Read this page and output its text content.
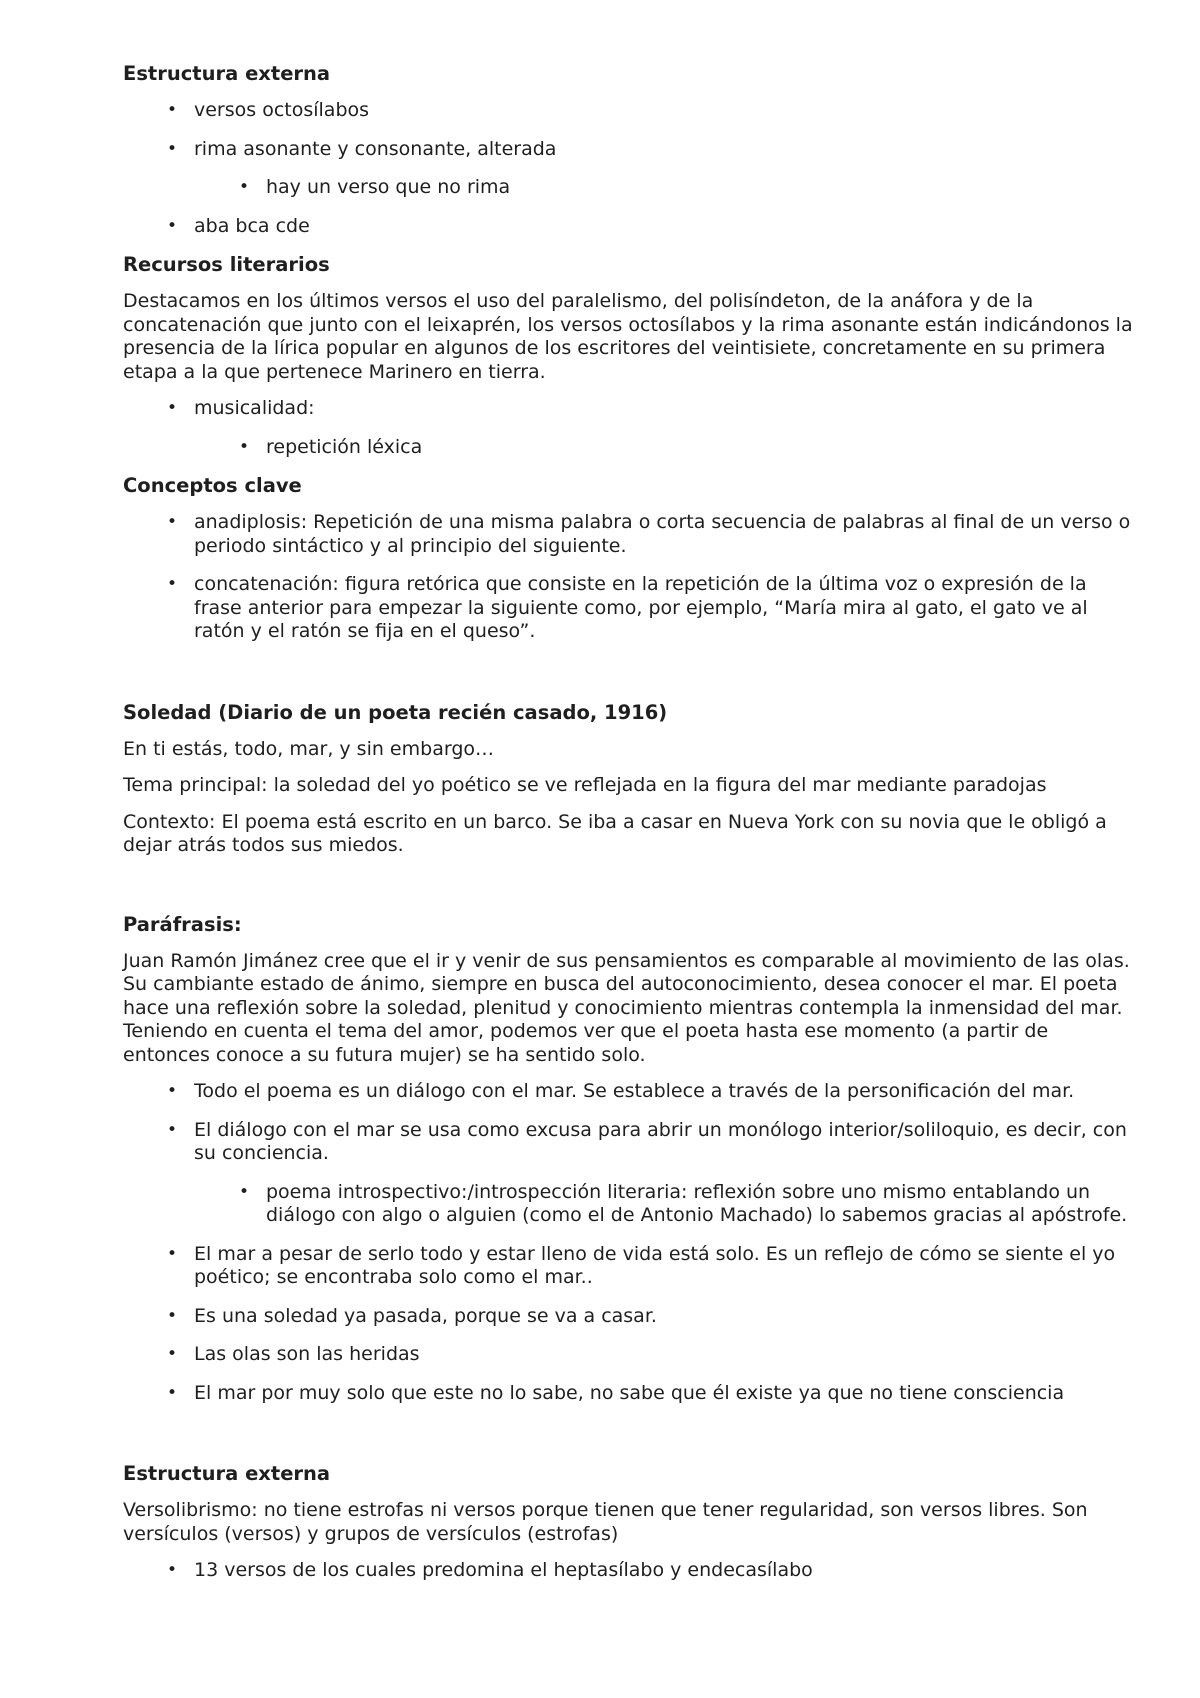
Estructura externa
• versos octosílabos
• rima asonante y consonante, alterada
• hay un verso que no rima
• aba bca cde
Recursos literarios
Destacamos en los últimos versos el uso del paralelismo, del polisíndeton, de la anáfora y de la concatenación que junto con el leixaprén, los versos octosílabos y la rima asonante están indicándonos la presencia de la lírica popular en algunos de los escritores del veintisiete, concretamente en su primera etapa a la que pertenece Marinero en tierra.
• musicalidad:
• repetición léxica
Conceptos clave
• anadiplosis: Repetición de una misma palabra o corta secuencia de palabras al final de un verso o periodo sintáctico y al principio del siguiente.
• concatenación: figura retórica que consiste en la repetición de la última voz o expresión de la frase anterior para empezar la siguiente como, por ejemplo, “María mira al gato, el gato ve al ratón y el ratón se fija en el queso”.
Soledad (Diario de un poeta recién casado, 1916)
En ti estás, todo, mar, y sin embargo…
Tema principal: la soledad del yo poético se ve reflejada en la figura del mar mediante paradojas
Contexto: El poema está escrito en un barco. Se iba a casar en Nueva York con su novia que le obligó a dejar atrás todos sus miedos.
Paráfrasis:
Juan Ramón Jimánez cree que el ir y venir de sus pensamientos es comparable al movimiento de las olas. Su cambiante estado de ánimo, siempre en busca del autoconocimiento, desea conocer el mar. El poeta hace una reflexión sobre la soledad, plenitud y conocimiento mientras contempla la inmensidad del mar. Teniendo en cuenta el tema del amor, podemos ver que el poeta hasta ese momento (a partir de entonces conoce a su futura mujer) se ha sentido solo.
• Todo el poema es un diálogo con el mar. Se establece a través de la personificación del mar.
• El diálogo con el mar se usa como excusa para abrir un monólogo interior/soliloquio, es decir, con su conciencia.
• poema introspectivo:/introspección literaria: reflexión sobre uno mismo entablando un diálogo con algo o alguien (como el de Antonio Machado) lo sabemos gracias al apóstrofe.
• El mar a pesar de serlo todo y estar lleno de vida está solo. Es un reflejo de cómo se siente el yo poético; se encontraba solo como el mar..
• Es una soledad ya pasada, porque se va a casar.
• Las olas son las heridas
• El mar por muy solo que este no lo sabe, no sabe que él existe ya que no tiene consciencia
Estructura externa
Versolibrismo: no tiene estrofas ni versos porque tienen que tener regularidad, son versos libres. Son versículos (versos) y grupos de versículos (estrofas)
• 13 versos de los cuales predomina el heptasílabo y endecasílabo
